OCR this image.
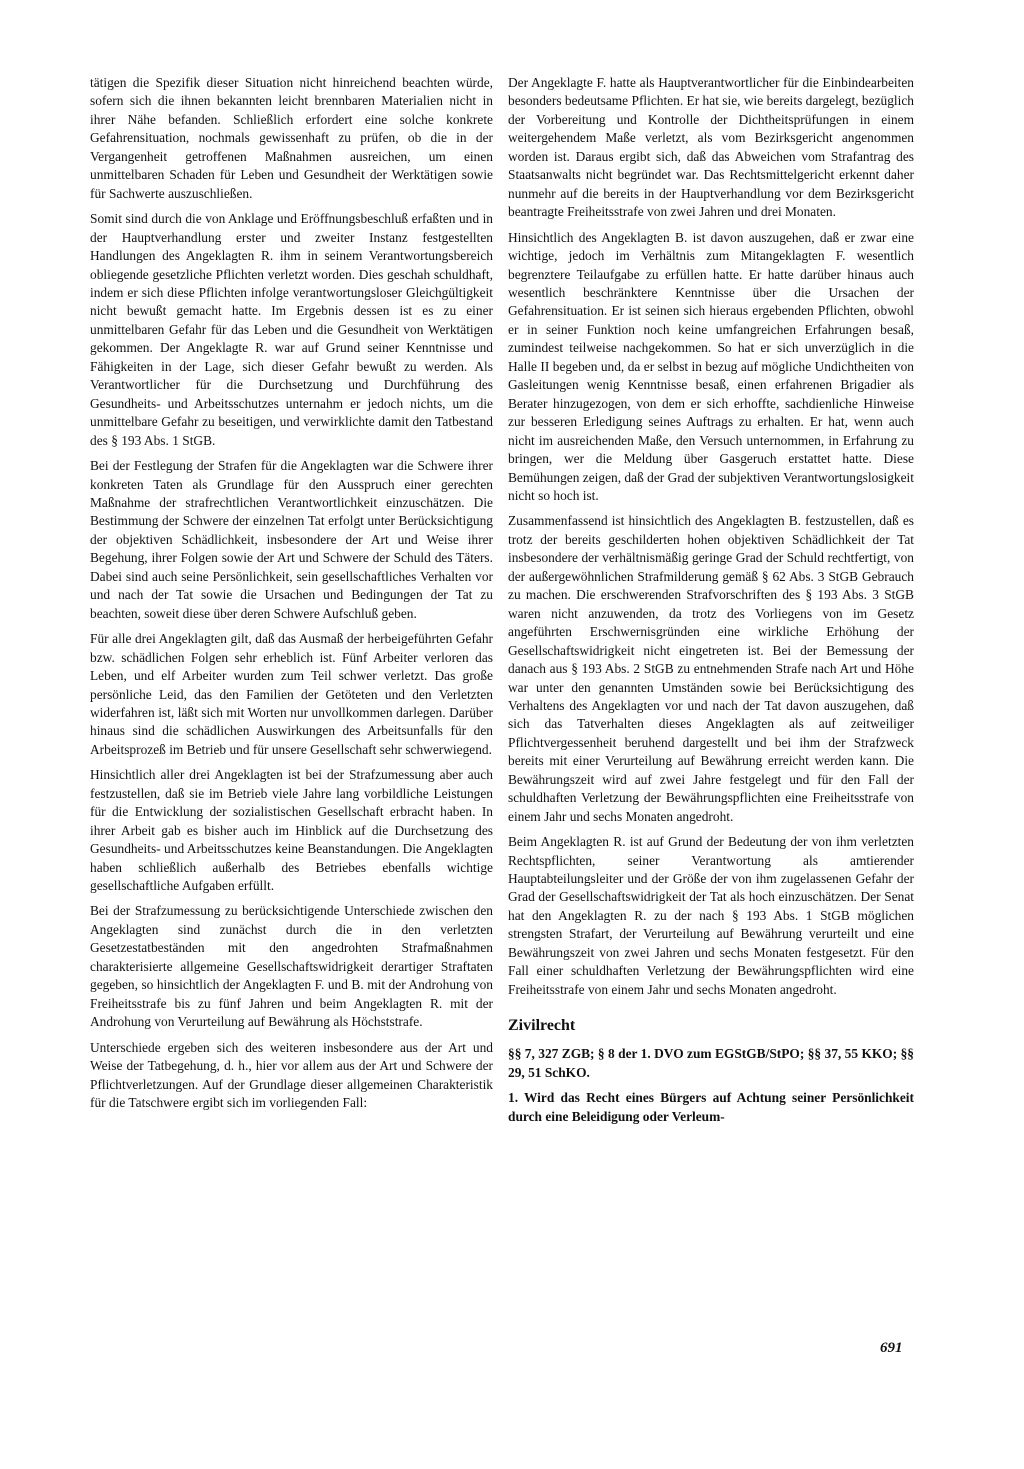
tätigen die Spezifik dieser Situation nicht hinreichend beachten würde, sofern sich die ihnen bekannten leicht brennbaren Materialien nicht in ihrer Nähe befanden. Schließlich erfordert eine solche konkrete Gefahrensituation, nochmals gewissenhaft zu prüfen, ob die in der Vergangenheit getroffenen Maßnahmen ausreichen, um einen unmittelbaren Schaden für Leben und Gesundheit der Werktätigen sowie für Sachwerte auszuschließen.

Somit sind durch die von Anklage und Eröffnungsbeschluß erfaßten und in der Hauptverhandlung erster und zweiter Instanz festgestellten Handlungen des Angeklagten R. ihm in seinem Verantwortungsbereich obliegende gesetzliche Pflichten verletzt worden. Dies geschah schuldhaft, indem er sich diese Pflichten infolge verantwortungsloser Gleichgültigkeit nicht bewußt gemacht hatte. Im Ergebnis dessen ist es zu einer unmittelbaren Gefahr für das Leben und die Gesundheit von Werktätigen gekommen. Der Angeklagte R. war auf Grund seiner Kenntnisse und Fähigkeiten in der Lage, sich dieser Gefahr bewußt zu werden. Als Verantwortlicher für die Durchsetzung und Durchführung des Gesundheits- und Arbeitsschutzes unternahm er jedoch nichts, um die unmittelbare Gefahr zu beseitigen, und verwirklichte damit den Tatbestand des § 193 Abs. 1 StGB.

Bei der Festlegung der Strafen für die Angeklagten war die Schwere ihrer konkreten Taten als Grundlage für den Ausspruch einer gerechten Maßnahme der strafrechtlichen Verantwortlichkeit einzuschätzen. Die Bestimmung der Schwere der einzelnen Tat erfolgt unter Berücksichtigung der objektiven Schädlichkeit, insbesondere der Art und Weise ihrer Begehung, ihrer Folgen sowie der Art und Schwere der Schuld des Täters. Dabei sind auch seine Persönlichkeit, sein gesellschaftliches Verhalten vor und nach der Tat sowie die Ursachen und Bedingungen der Tat zu beachten, soweit diese über deren Schwere Aufschluß geben.

Für alle drei Angeklagten gilt, daß das Ausmaß der herbeigeführten Gefahr bzw. schädlichen Folgen sehr erheblich ist. Fünf Arbeiter verloren das Leben, und elf Arbeiter wurden zum Teil schwer verletzt. Das große persönliche Leid, das den Familien der Getöteten und den Verletzten widerfahren ist, läßt sich mit Worten nur unvollkommen darlegen. Darüber hinaus sind die schädlichen Auswirkungen des Arbeitsunfalls für den Arbeitsprozeß im Betrieb und für unsere Gesellschaft sehr schwerwiegend.

Hinsichtlich aller drei Angeklagten ist bei der Strafzumessung aber auch festzustellen, daß sie im Betrieb viele Jahre lang vorbildliche Leistungen für die Entwicklung der sozialistischen Gesellschaft erbracht haben. In ihrer Arbeit gab es bisher auch im Hinblick auf die Durchsetzung des Gesundheits- und Arbeitsschutzes keine Beanstandungen. Die Angeklagten haben schließlich außerhalb des Betriebes ebenfalls wichtige gesellschaftliche Aufgaben erfüllt.

Bei der Strafzumessung zu berücksichtigende Unterschiede zwischen den Angeklagten sind zunächst durch die in den verletzten Gesetzestatbeständen mit den angedrohten Strafmaßnahmen charakterisierte allgemeine Gesellschaftswidrigkeit derartiger Straftaten gegeben, so hinsichtlich der Angeklagten F. und B. mit der Androhung von Freiheitsstrafe bis zu fünf Jahren und beim Angeklagten R. mit der Androhung von Verurteilung auf Bewährung als Höchststrafe.

Unterschiede ergeben sich des weiteren insbesondere aus der Art und Weise der Tatbegehung, d. h., hier vor allem aus der Art und Schwere der Pflichtverletzungen. Auf der Grundlage dieser allgemeinen Charakteristik für die Tatschwere ergibt sich im vorliegenden Fall:

Der Angeklagte F. hatte als Hauptverantwortlicher für die Einbindearbeiten besonders bedeutsame Pflichten. Er hat sie, wie bereits dargelegt, bezüglich der Vorbereitung und Kontrolle der Dichtheitsprüfungen in einem weitergehendem Maße verletzt, als vom Bezirksgericht angenommen worden ist. Daraus ergibt sich, daß das Abweichen vom Strafantrag des Staatsanwalts nicht begründet war. Das Rechtsmittelgericht erkennt daher nunmehr auf die bereits in der Hauptverhandlung vor dem Bezirksgericht beantragte Freiheitsstrafe von zwei Jahren und drei Monaten.

Hinsichtlich des Angeklagten B. ist davon auszugehen, daß er zwar eine wichtige, jedoch im Verhältnis zum Mitangeklagten F. wesentlich begrenztere Teilaufgabe zu erfüllen hatte. Er hatte darüber hinaus auch wesentlich beschränktere Kenntnisse über die Ursachen der Gefahrensituation. Er ist seinen sich hieraus ergebenden Pflichten, obwohl er in seiner Funktion noch keine umfangreichen Erfahrungen besaß, zumindest teilweise nachgekommen. So hat er sich unverzüglich in die Halle II begeben und, da er selbst in bezug auf mögliche Undichtheiten von Gasleitungen wenig Kenntnisse besaß, einen erfahrenen Brigadier als Berater hinzugezogen, von dem er sich erhoffte, sachdienliche Hinweise zur besseren Erledigung seines Auftrags zu erhalten. Er hat, wenn auch nicht im ausreichenden Maße, den Versuch unternommen, in Erfahrung zu bringen, wer die Meldung über Gasgeruch erstattet hatte. Diese Bemühungen zeigen, daß der Grad der subjektiven Verantwortungslosigkeit nicht so hoch ist.

Zusammenfassend ist hinsichtlich des Angeklagten B. festzustellen, daß es trotz der bereits geschilderten hohen objektiven Schädlichkeit der Tat insbesondere der verhältnismäßig geringe Grad der Schuld rechtfertigt, von der außergewöhnlichen Strafmilderung gemäß § 62 Abs. 3 StGB Gebrauch zu machen. Die erschwerenden Strafvorschriften des § 193 Abs. 3 StGB waren nicht anzuwenden, da trotz des Vorliegens von im Gesetz angeführten Erschwernisgründen eine wirkliche Erhöhung der Gesellschaftswidrigkeit nicht eingetreten ist. Bei der Bemessung der danach aus § 193 Abs. 2 StGB zu entnehmenden Strafe nach Art und Höhe war unter den genannten Umständen sowie bei Berücksichtigung des Verhaltens des Angeklagten vor und nach der Tat davon auszugehen, daß sich das Tatverhalten dieses Angeklagten als auf zeitweiliger Pflichtvergessenheit beruhend dargestellt und bei ihm der Strafzweck bereits mit einer Verurteilung auf Bewährung erreicht werden kann. Die Bewährungszeit wird auf zwei Jahre festgelegt und für den Fall der schuldhaften Verletzung der Bewährungspflichten eine Freiheitsstrafe von einem Jahr und sechs Monaten angedroht.

Beim Angeklagten R. ist auf Grund der Bedeutung der von ihm verletzten Rechtspflichten, seiner Verantwortung als amtierender Hauptabteilungsleiter und der Größe der von ihm zugelassenen Gefahr der Grad der Gesellschaftswidrigkeit der Tat als hoch einzuschätzen. Der Senat hat den Angeklagten R. zu der nach § 193 Abs. 1 StGB möglichen strengsten Strafart, der Verurteilung auf Bewährung verurteilt und eine Bewährungszeit von zwei Jahren und sechs Monaten festgesetzt. Für den Fall einer schuldhaften Verletzung der Bewährungspflichten wird eine Freiheitsstrafe von einem Jahr und sechs Monaten angedroht.

Zivilrecht

§§ 7, 327 ZGB; § 8 der 1. DVO zum EGStGB/StPO; §§ 37, 55 KKO; §§ 29, 51 SchKO.

1. Wird das Recht eines Bürgers auf Achtung seiner Persönlichkeit durch eine Beleidigung oder Verleum-

691
